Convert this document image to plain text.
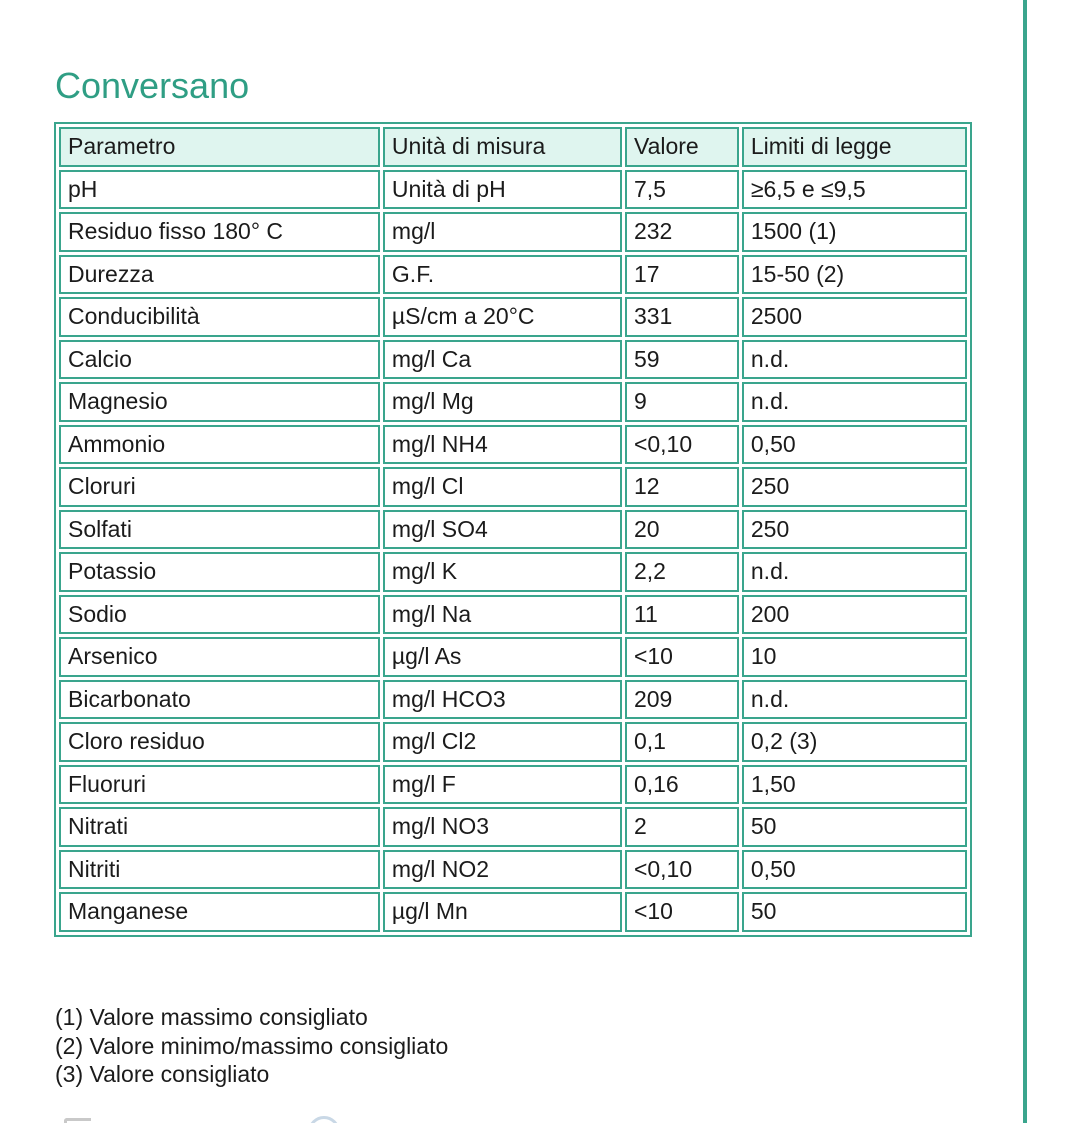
Conversano
Parametro	Unità di misura	Valore	Limiti di legge
pH	Unità di pH	7,5	≥6,5 e ≤9,5
Residuo fisso 180° C	mg/l	232	1500 (1)
Durezza	G.F.	17	15-50 (2)
Conducibilità	µS/cm a 20°C	331	2500
Calcio	mg/l Ca	59	n.d.
Magnesio	mg/l Mg	9	n.d.
Ammonio	mg/l NH4	<0,10	0,50
Cloruri	mg/l Cl	12	250
Solfati	mg/l SO4	20	250
Potassio	mg/l K	2,2	n.d.
Sodio	mg/l Na	11	200
Arsenico	µg/l As	<10	10
Bicarbonato	mg/l HCO3	209	n.d.
Cloro residuo	mg/l Cl2	0,1	0,2 (3)
Fluoruri	mg/l F	0,16	1,50
Nitrati	mg/l NO3	2	50
Nitriti	mg/l NO2	<0,10	0,50
Manganese	µg/l Mn	<10	50
(1) Valore massimo consigliato
(2) Valore minimo/massimo consigliato
(3) Valore consigliato
